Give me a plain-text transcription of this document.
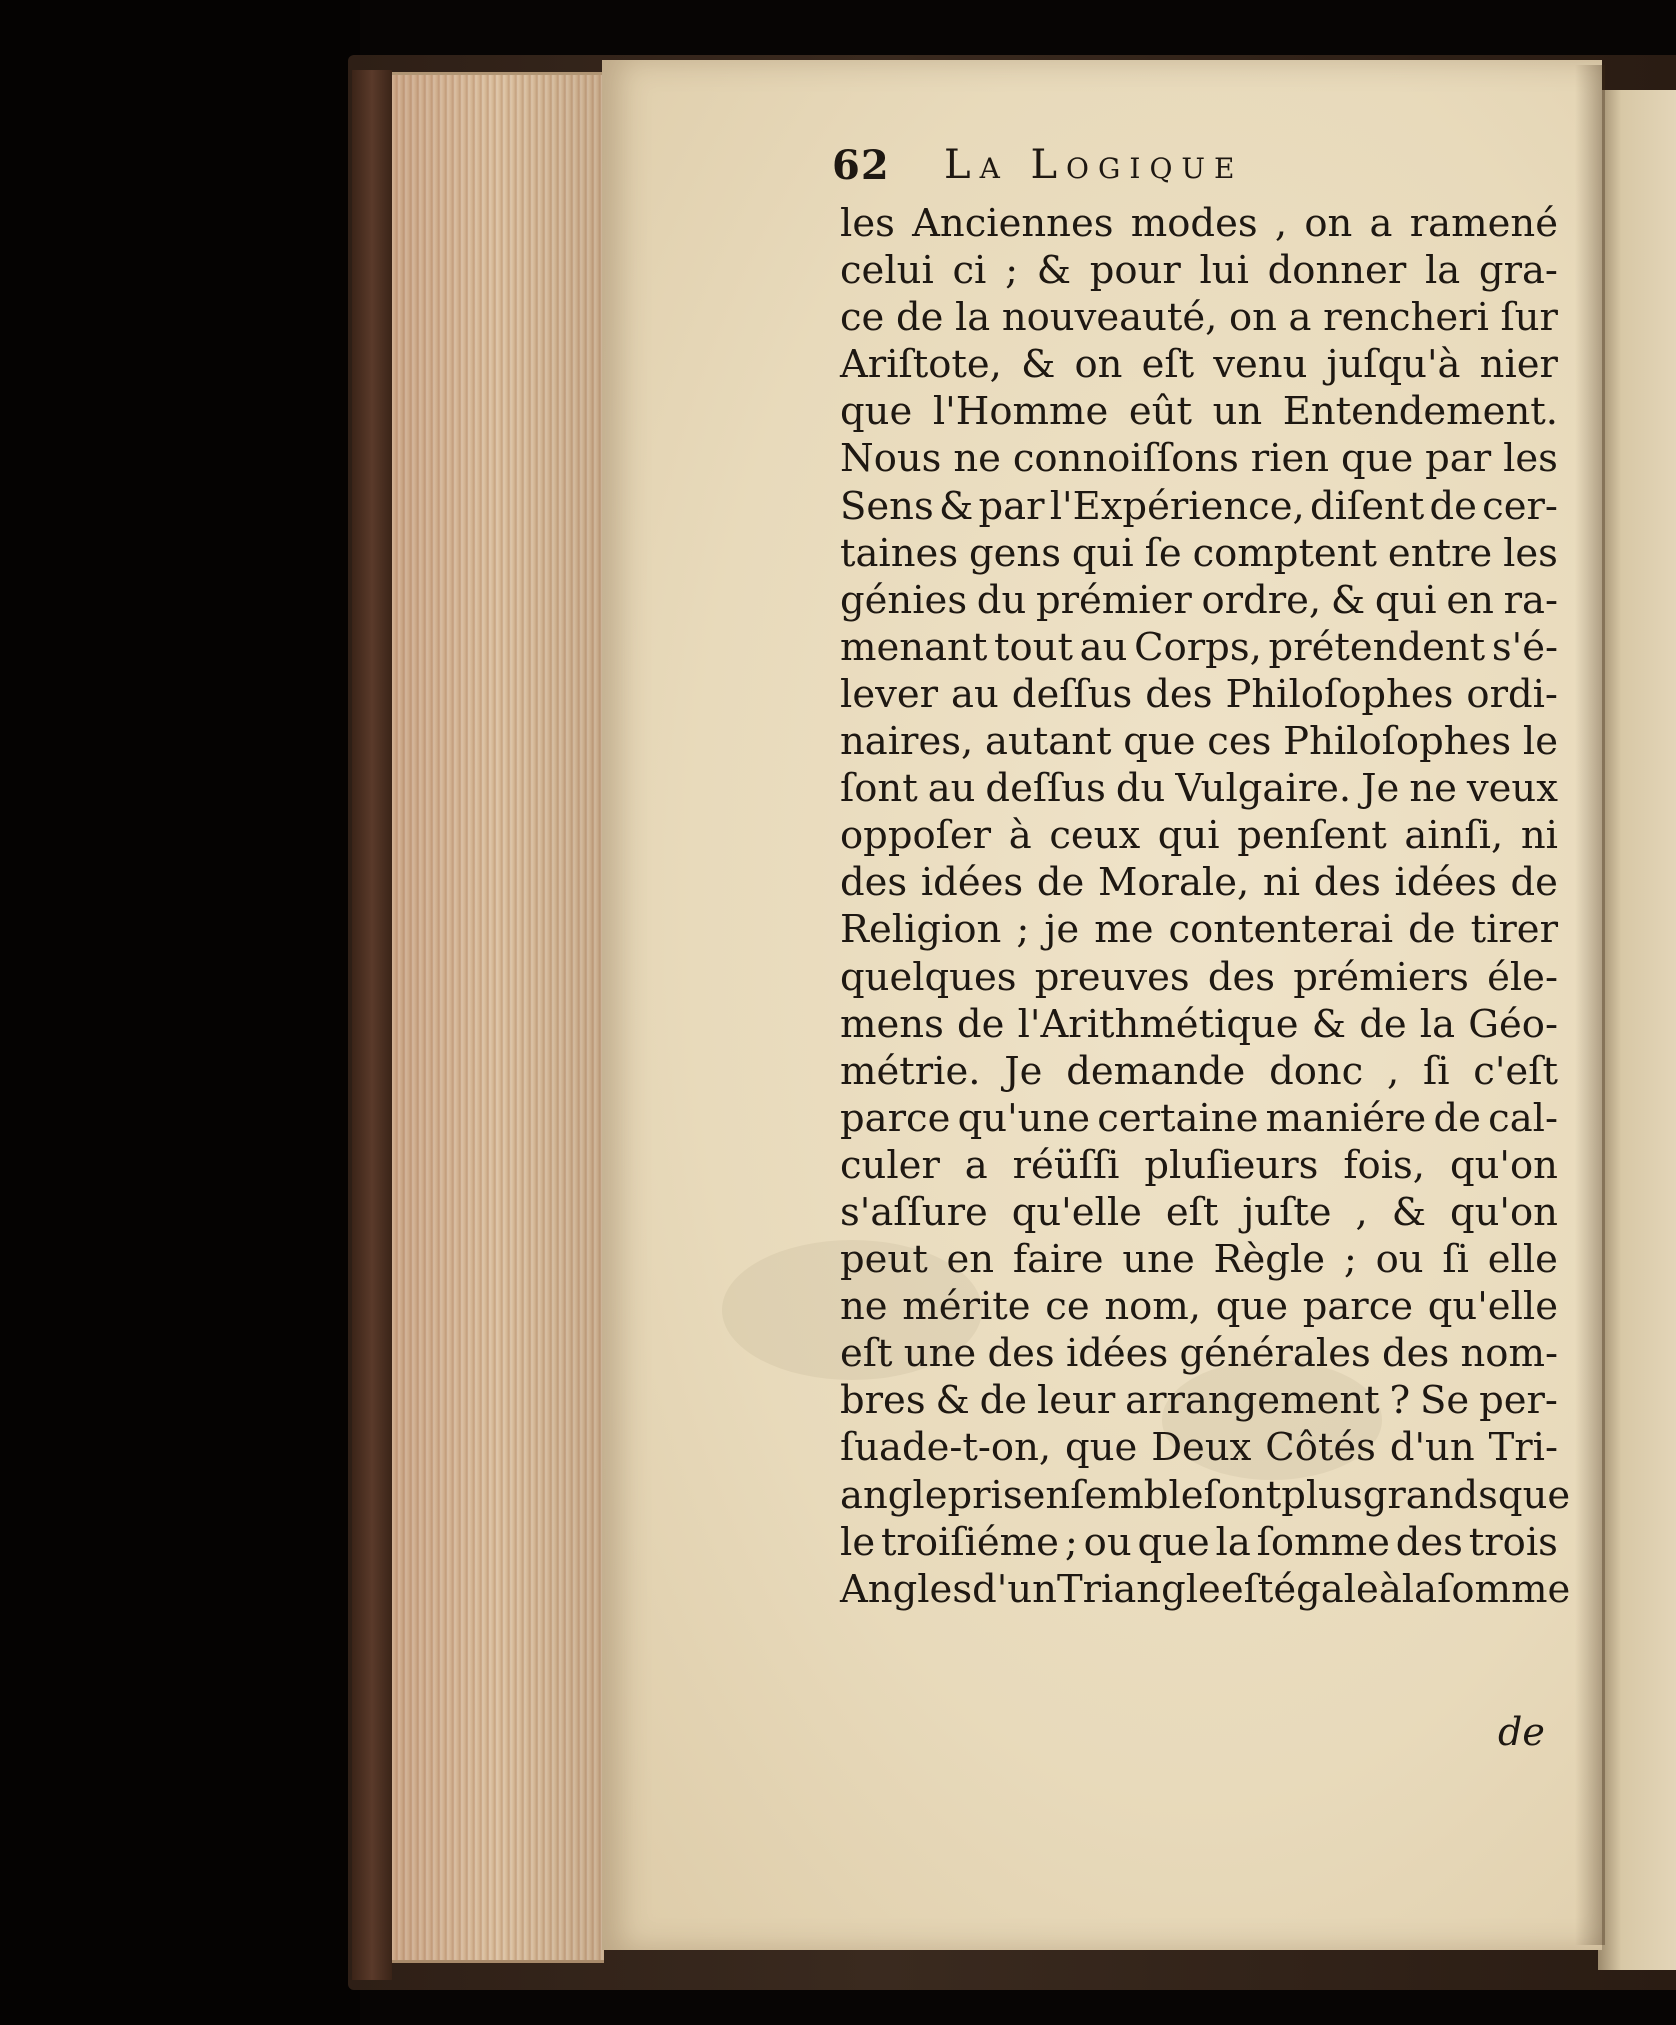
62 La Logique
les Anciennes modes , on a ramené
celui ci ; & pour lui donner la gra-
ce de la nouveauté, on a rencheri ſur
Ariſtote, & on eſt venu juſqu'à nier
que l'Homme eût un Entendement.
Nous ne connoiſſons rien que par les
Sens & par l'Expérience, diſent de cer-
taines gens qui ſe comptent entre les
génies du prémier ordre, & qui en ra-
menant tout au Corps, prétendent s'é-
lever au deſſus des Philoſophes ordi-
naires, autant que ces Philoſophes le
ſont au deſſus du Vulgaire. Je ne veux
oppoſer à ceux qui penſent ainſi, ni
des idées de Morale, ni des idées de
Religion ; je me contenterai de tirer
quelques preuves des prémiers éle-
mens de l'Arithmétique & de la Géo-
métrie. Je demande donc , ſi c'eſt
parce qu'une certaine maniére de cal-
culer a réüſſi pluſieurs fois, qu'on
s'aſſure qu'elle eſt juſte , & qu'on
peut en faire une Règle ; ou ſi elle
ne mérite ce nom, que parce qu'elle
eſt une des idées générales des nom-
bres & de leur arrangement ? Se per-
ſuade-t-on, que Deux Côtés d'un Tri-
angle pris enſemble ſont plus grands que
le troiſiéme ; ou que la ſomme des trois
Angles d'un Triangle eſt égale à la ſomme
de
